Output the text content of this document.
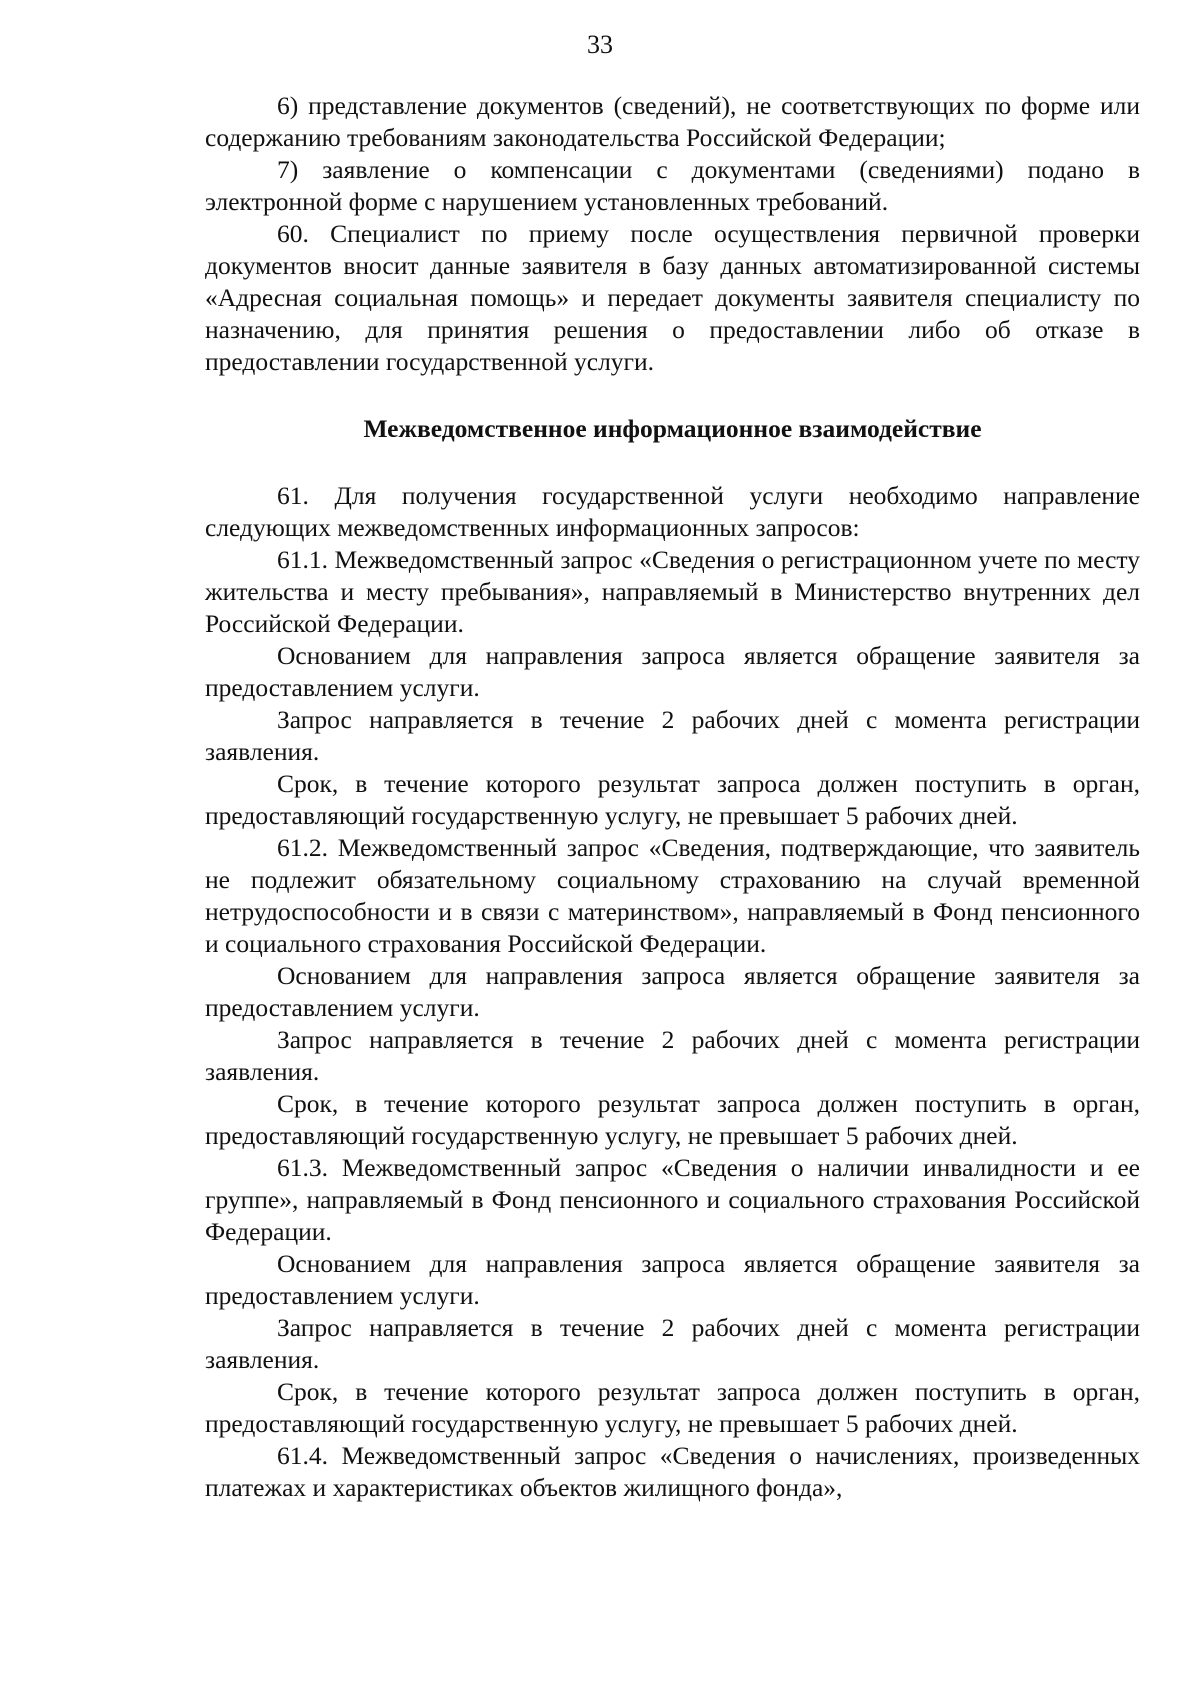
33

6) представление документов (сведений), не соответствующих по форме или содержанию требованиям законодательства Российской Федерации;

7) заявление о компенсации с документами (сведениями) подано в электронной форме с нарушением установленных требований.

60. Специалист по приему после осуществления первичной проверки документов вносит данные заявителя в базу данных автоматизированной системы «Адресная социальная помощь» и передает документы заявителя специалисту по назначению, для принятия решения о предоставлении либо об отказе в предоставлении государственной услуги.

Межведомственное информационное взаимодействие

61. Для получения государственной услуги необходимо направление следующих межведомственных информационных запросов:

61.1. Межведомственный запрос «Сведения о регистрационном учете по месту жительства и месту пребывания», направляемый в Министерство внутренних дел Российской Федерации.

Основанием для направления запроса является обращение заявителя за предоставлением услуги.

Запрос направляется в течение 2 рабочих дней с момента регистрации заявления.

Срок, в течение которого результат запроса должен поступить в орган, предоставляющий государственную услугу, не превышает 5 рабочих дней.

61.2. Межведомственный запрос «Сведения, подтверждающие, что заявитель не подлежит обязательному социальному страхованию на случай временной нетрудоспособности и в связи с материнством», направляемый в Фонд пенсионного и социального страхования Российской Федерации.

Основанием для направления запроса является обращение заявителя за предоставлением услуги.

Запрос направляется в течение 2 рабочих дней с момента регистрации заявления.

Срок, в течение которого результат запроса должен поступить в орган, предоставляющий государственную услугу, не превышает 5 рабочих дней.

61.3. Межведомственный запрос «Сведения о наличии инвалидности и ее группе», направляемый в Фонд пенсионного и социального страхования Российской Федерации.

Основанием для направления запроса является обращение заявителя за предоставлением услуги.

Запрос направляется в течение 2 рабочих дней с момента регистрации заявления.

Срок, в течение которого результат запроса должен поступить в орган, предоставляющий государственную услугу, не превышает 5 рабочих дней.

61.4. Межведомственный запрос «Сведения о начислениях, произведенных платежах и характеристиках объектов жилищного фонда»,
